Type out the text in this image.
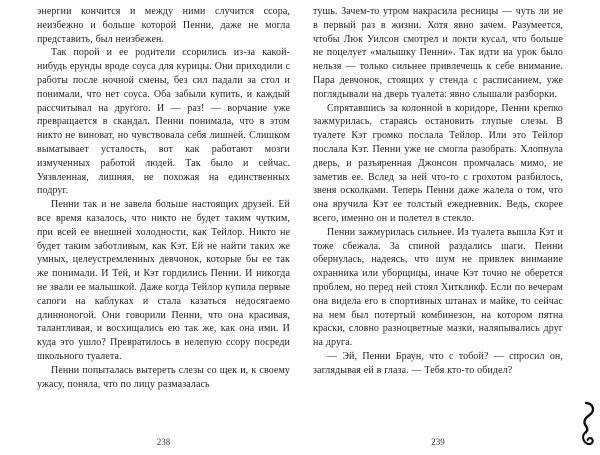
энергии кончится и между ними случится ссора, неизбежно и больше которой Пенни, даже не могла представить, был неизбежен.

Так порой и ее родители ссорились из-за какой-нибудь ерунды вроде соуса для курицы. Они приходили с работы после ночной смены, без сил падали за стол и понимали, что нет соуса. Оба забыли купить, и каждый рассчитывал на другого. И — раз! — ворчание уже превращается в скандал. Пенни понимала, что в этом никто не виноват, но чувствовала себя лишней. Слишком выматывает усталость, вот как работают мозги измученных работой людей. Так было и сейчас. Уязвленная, лишняя, не похожая на единственных подруг.

Пенни так и не завела больше настоящих друзей. Ей все время казалось, что никто не будет таким чутким, при всей ее внешней холодности, как Тейлор. Никто не будет таким заботливым, как Кэт. Ей не найти таких же умных, целеустремленных девчонок, которые бы ее так же понимали. И Тей, и Кэт гордились Пенни. И никогда не звали ее малышкой. Даже когда Тейлор купила первые сапоги на каблуках и стала казаться недосягаемо длинноногой. Они говорили Пенни, что она красивая, талантливая, и восхищались ею так же, как она ими. И куда это ушло? Превратилось в нелепую ссору посреди школьного туалета.

Пенни попыталась вытереть слезы со щек и, к своему ужасу, поняла, что по лицу размазалась

238

тушь. Зачем-то утром накрасила ресницы — чуть ли не в первый раз в жизни. Хотя явно зачем. Разумеется, чтобы Люк Уилсон смотрел и локти кусал, что больше не поцелует «малышку Пенни». Так идти на урок было нельзя — только сильнее привлечешь к себе внимание. Пара девчонок, стоящих у стенда с расписанием, уже поглядывали на дверь туалета: явно слышали разборки.

Спрятавшись за колонной в коридоре, Пенни крепко зажмурилась, стараясь остановить глупые слезы. В туалете Кэт громко послала Тейлор. Или это Тейлор послала Кэт. Пенни уже не смогла разобрать. Хлопнула дверь, и разъяренная Джонсон промчалась мимо, не заметив ее. Вслед за ней что-то с грохотом разбилось, звеня осколками. Теперь Пенни даже жалела о том, что она вручила Кэт ее толстый ежедневник. Ведь, скорее всего, именно он и полетел в стекло.

Пенни зажмурилась сильнее. Из туалета вышла Кэт и тоже сбежала. За спиной раздались шаги. Пенни обернулась, надеясь, что шум не привлек внимание охранника или уборщицы, иначе Кэт точно не оберется проблем, но перед ней стоял Хиткликф. Если по вечерам она видела его в спортивных штанах и майке, то сейчас на нем был потертый комбинезон, на котором пятна краски, словно разноцветные мазки, наляпывались друг на друга.

— Эй, Пенни Браун, что с тобой? — спросил он, заглядывая ей в глаза. — Тебя кто-то обидел?

239
